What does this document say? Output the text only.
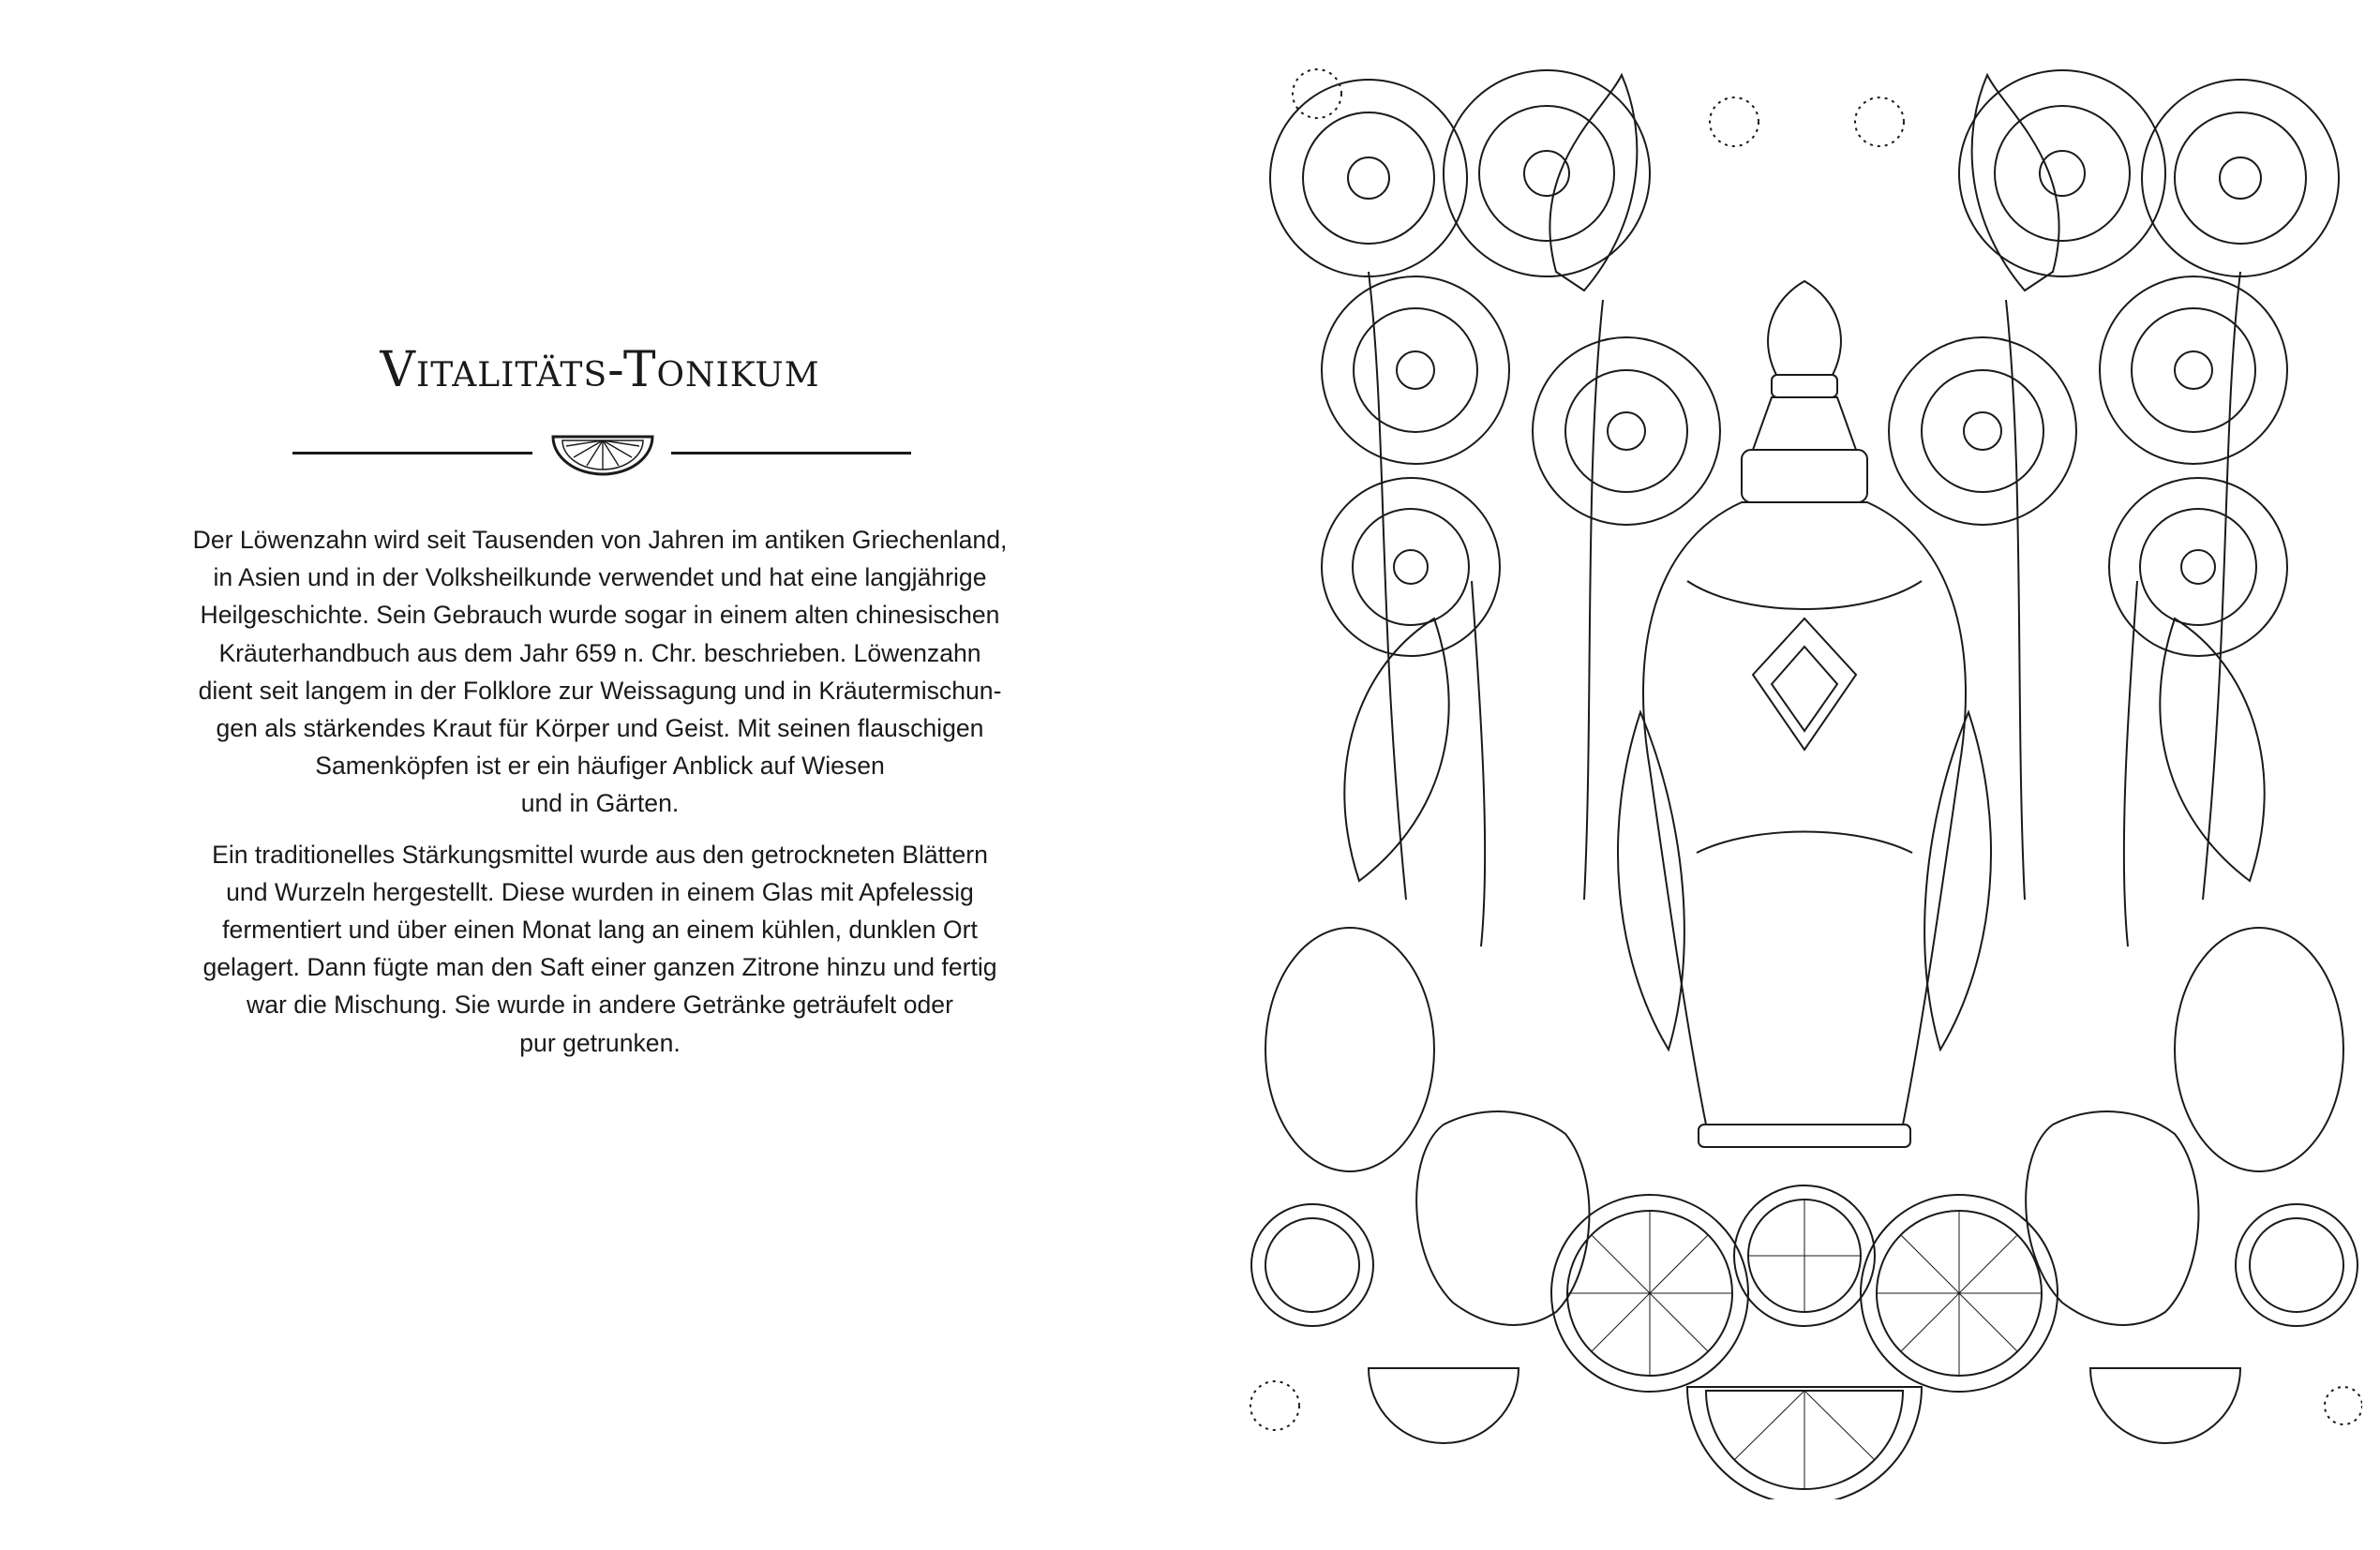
Vitalitäts-Tonikum

Der Löwenzahn wird seit Tausenden von Jahren im antiken Griechenland,
in Asien und in der Volksheilkunde verwendet und hat eine langjährige
Heilgeschichte. Sein Gebrauch wurde sogar in einem alten chinesischen
Kräuterhandbuch aus dem Jahr 659 n. Chr. beschrieben. Löwenzahn
dient seit langem in der Folklore zur Weissagung und in Kräutermischun-
gen als stärkendes Kraut für Körper und Geist. Mit seinen flauschigen
Samenköpfen ist er ein häufiger Anblick auf Wiesen
und in Gärten.

Ein traditionelles Stärkungsmittel wurde aus den getrockneten Blättern
und Wurzeln hergestellt. Diese wurden in einem Glas mit Apfelessig
fermentiert und über einen Monat lang an einem kühlen, dunklen Ort
gelagert. Dann fügte man den Saft einer ganzen Zitrone hinzu und fertig
war die Mischung. Sie wurde in andere Getränke geträufelt oder
pur getrunken.
